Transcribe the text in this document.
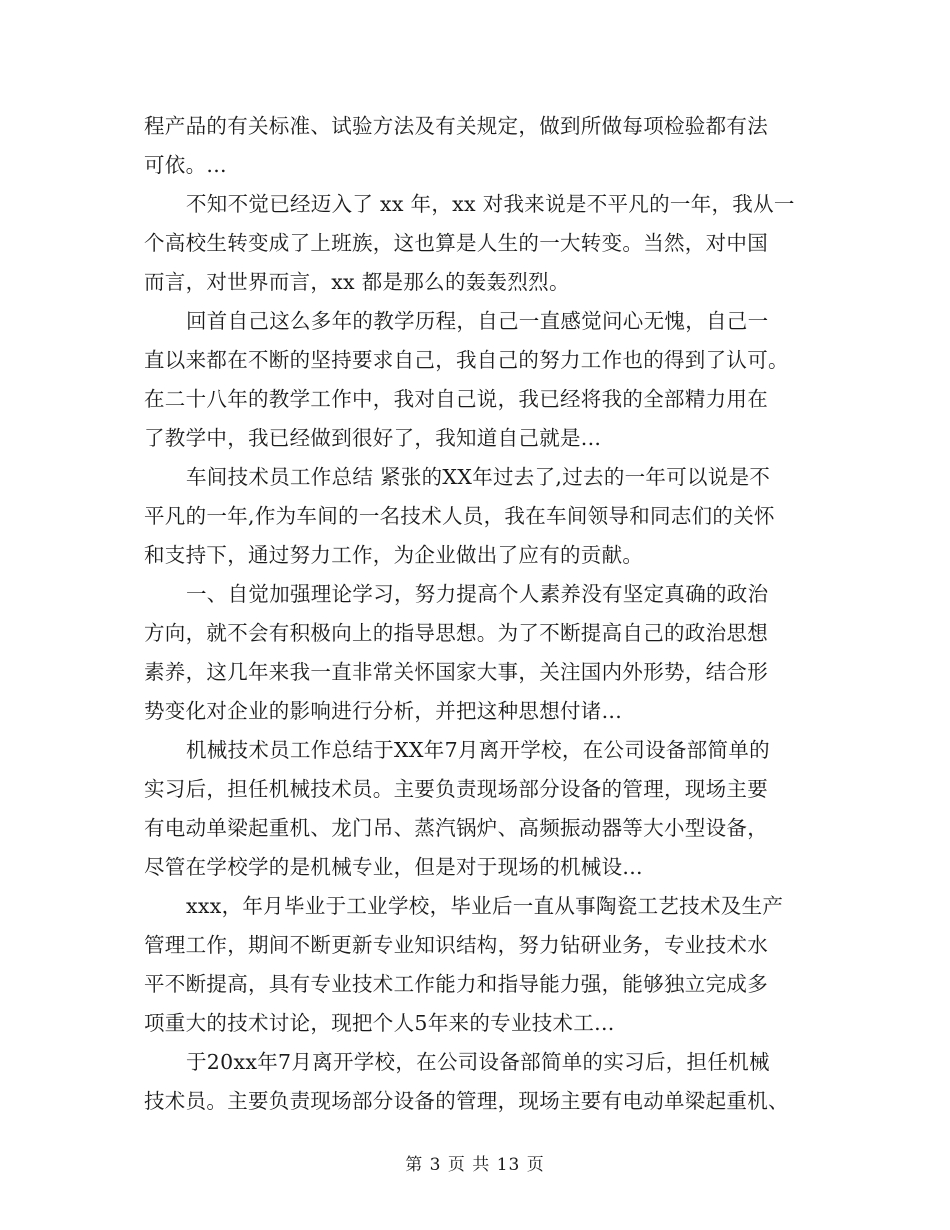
程产品的有关标准、试验方法及有关规定，做到所做每项检验都有法
可依。...
不知不觉已经迈入了 xx 年，xx 对我来说是不平凡的一年，我从一
个高校生转变成了上班族，这也算是人生的一大转变。当然，对中国
而言，对世界而言，xx 都是那么的轰轰烈烈。
回首自己这么多年的教学历程，自己一直感觉问心无愧，自己一
直以来都在不断的坚持要求自己，我自己的努力工作也的得到了认可。
在二十八年的教学工作中，我对自己说，我已经将我的全部精力用在
了教学中，我已经做到很好了，我知道自己就是...
车间技术员工作总结 紧张的XX年过去了,过去的一年可以说是不
平凡的一年,作为车间的一名技术人员，我在车间领导和同志们的关怀
和支持下，通过努力工作，为企业做出了应有的贡献。
一、自觉加强理论学习，努力提高个人素养没有坚定真确的政治
方向，就不会有积极向上的指导思想。为了不断提高自己的政治思想
素养，这几年来我一直非常关怀国家大事，关注国内外形势，结合形
势变化对企业的影响进行分析，并把这种思想付诸...
机械技术员工作总结于XX年7月离开学校，在公司设备部简单的
实习后，担任机械技术员。主要负责现场部分设备的管理，现场主要
有电动单梁起重机、龙门吊、蒸汽锅炉、高频振动器等大小型设备，
尽管在学校学的是机械专业，但是对于现场的机械设...
xxx，年月毕业于工业学校，毕业后一直从事陶瓷工艺技术及生产
管理工作，期间不断更新专业知识结构，努力钻研业务，专业技术水
平不断提高，具有专业技术工作能力和指导能力强，能够独立完成多
项重大的技术讨论，现把个人5年来的专业技术工...
于20xx年7月离开学校，在公司设备部简单的实习后，担任机械
技术员。主要负责现场部分设备的管理，现场主要有电动单梁起重机、
第 3 页 共 13 页
